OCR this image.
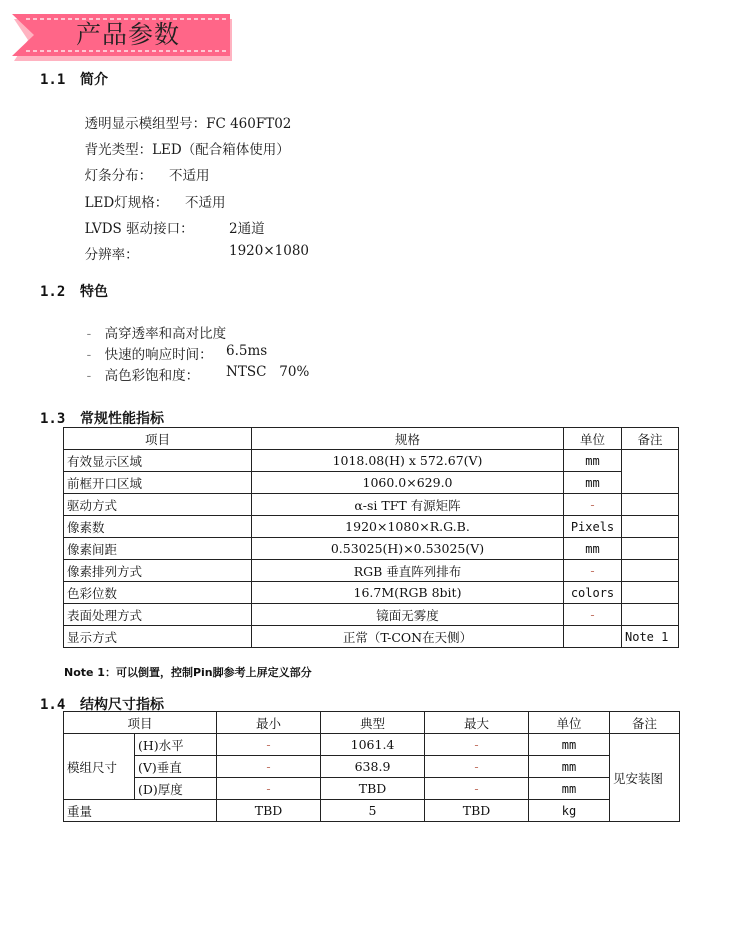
产品参数
1.1 简介

透明显示模组型号：FC 460FT02

背光类型：LED（配合箱体使用）

灯条分布： 不适用

LED灯规格： 不适用

LVDS 驱动接口：	2通道

分辨率：	1920×1080

1.2 特色

- 高穿透率和高对比度

- 快速的响应时间： 6.5ms

- 高色彩饱和度： NTSC   70%

1.3 常规性能指标
项目	规格	单位	备注
有效显示区域	1018.08(H) x 572.67(V)	mm	
前框开口区域	1060.0×629.0	mm	
驱动方式	α-si TFT 有源矩阵	-	
像素数	1920×1080×R.G.B.	Pixels	
像素间距	0.53025(H)×0.53025(V)	mm	
像素排列方式	RGB 垂直阵列排布	-	
色彩位数	16.7M(RGB 8bit)	colors	
表面处理方式	镜面无雾度	-	
显示方式	正常（T-CON在天侧）		Note 1
Note 1：可以倒置，控制Pin脚参考上屏定义部分
1.4 结构尺寸指标
项目		最小	典型	最大	单位	备注
模组尺寸	(H)水平	-	1061.4	-	mm	见安装图
	(V)垂直	-	638.9	-	mm	
	(D)厚度	-	TBD	-	mm	
重量		TBD	5	TBD	kg	
